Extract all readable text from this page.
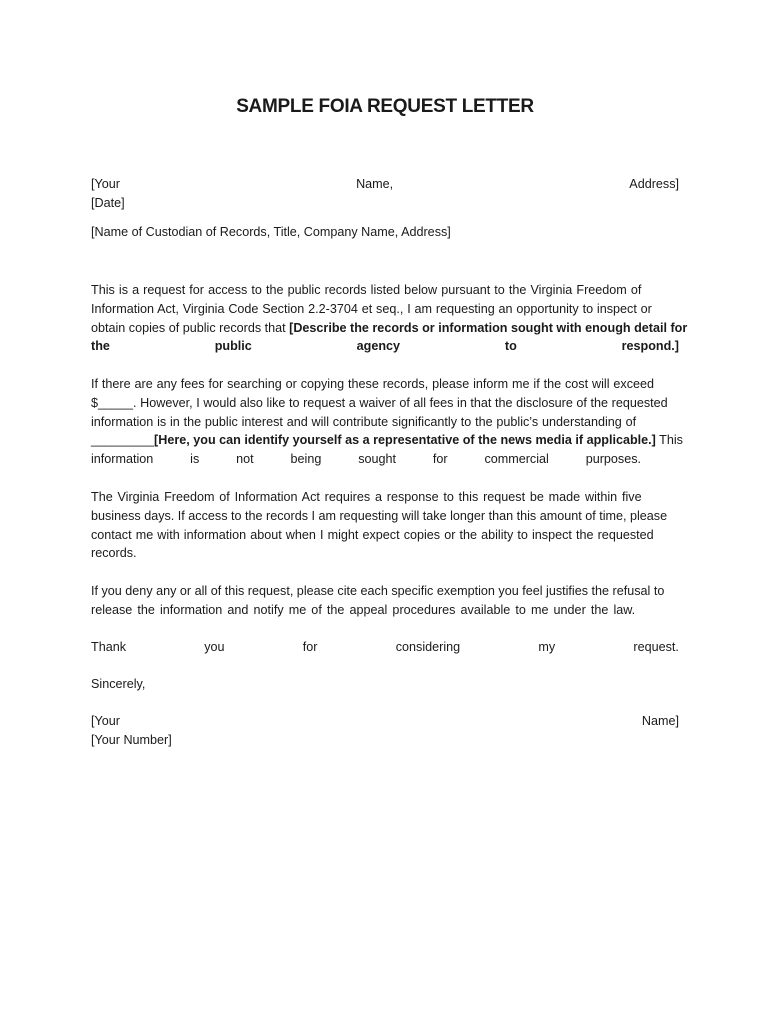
SAMPLE FOIA REQUEST LETTER
[Your	Name,	Address]
[Date]
[Name of Custodian of Records, Title, Company Name, Address]
This is a request for access to the public records listed below pursuant to the Virginia Freedom of
Information Act, Virginia Code Section 2.2-3704 et seq., I am requesting an opportunity to inspect or
obtain copies of public records that [Describe the records or information sought with enough detail for
the	public	agency	to	respond.]
If there are any fees for searching or copying these records, please inform me if the cost will exceed
$_____. However, I would also like to request a waiver of all fees in that the disclosure of the requested
information is in the public interest and will contribute significantly to the public’s understanding of
_________[Here, you can identify yourself as a representative of the news media if applicable.] This
information	is	not	being	sought	for	commercial	purposes.
The Virginia Freedom of Information Act requires a response to this request be made within five
business days. If access to the records I am requesting will take longer than this amount of time, please
contact me with information about when I might expect copies or the ability to inspect the requested
records.
If you deny any or all of this request, please cite each specific exemption you feel justifies the refusal to
release the information and notify me of the appeal procedures available to me under the law.
Thank	you	for	considering	my	request.
Sincerely,
[Your	Name]
[Your Number]
